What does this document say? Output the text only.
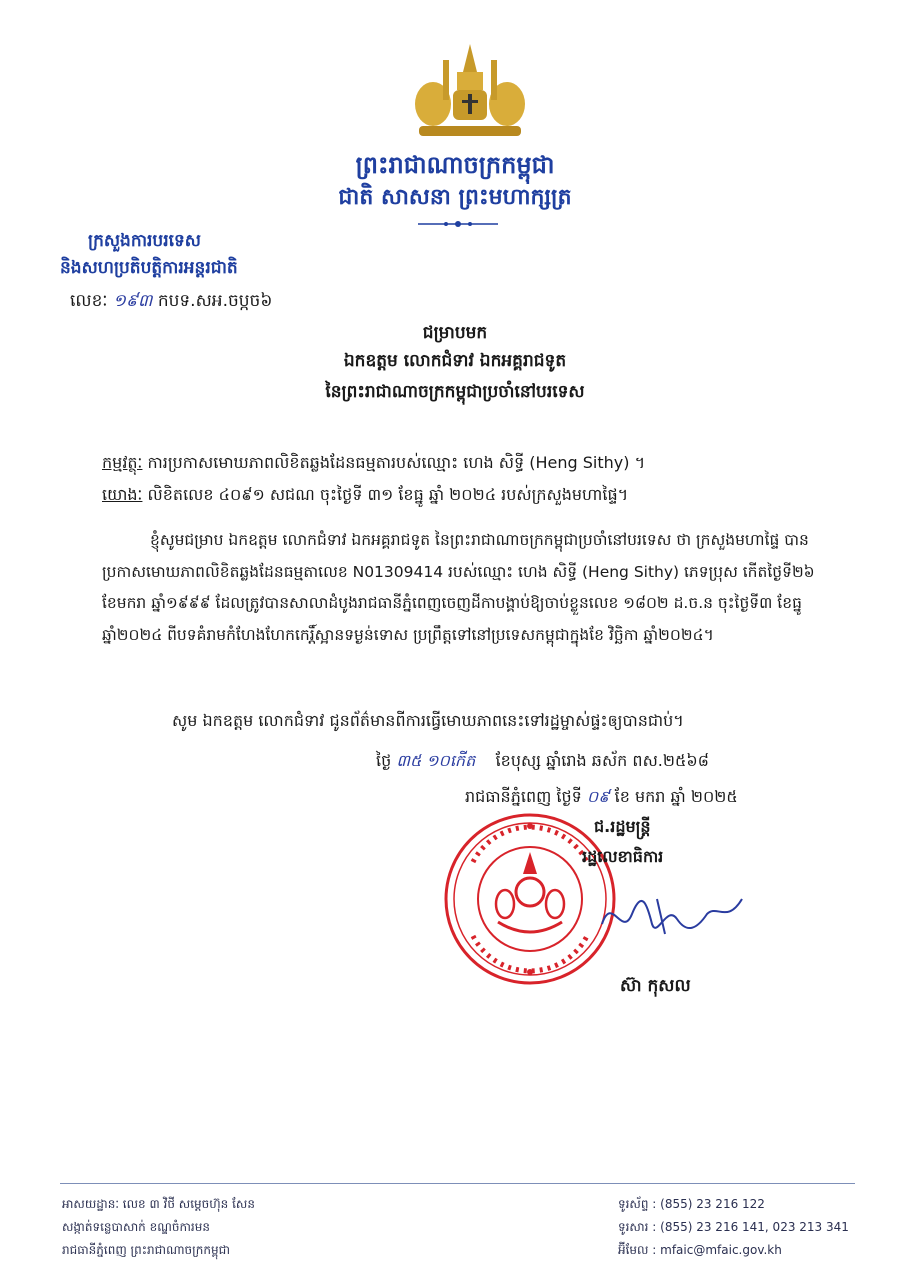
ព្រះរាជាណាចក្រកម្ពុជា
ជាតិ សាសនា ព្រះមហាក្សត្រ
ក្រសួងការបរទេស
និងសហប្រតិបត្តិការអន្តរជាតិ
លេខៈ ១៩៣ កបទ.សអ.ចប្កច៦
ជម្រាបមក
ឯកឧត្តម លោកជំទាវ ឯកអគ្គរាជទូត
នៃព្រះរាជាណាចក្រកម្ពុជាប្រចាំនៅបរទេស
កម្មវត្ថុៈ ការប្រកាសមោឃភាពលិខិតឆ្លងដែនធម្មតារបស់ឈ្មោះ ហេង សិទ្ធី (Heng Sithy) ។
យោងៈ លិខិតលេខ ៤០៩១ សជណ ចុះថ្ងៃទី ៣១ ខែធ្នូ ឆ្នាំ ២០២៤ របស់ក្រសួងមហាផ្ទៃ។

ខ្ញុំសូមជម្រាប ឯកឧត្តម លោកជំទាវ ឯកអគ្គរាជទូត នៃព្រះរាជាណាចក្រកម្ពុជាប្រចាំនៅបរទេស ថា ក្រសួងមហាផ្ទៃ បានប្រកាសមោឃភាពលិខិតឆ្លងដែនធម្មតាលេខ N01309414 របស់ឈ្មោះ ហេង សិទ្ធី (Heng Sithy) ភេទប្រុស កើតថ្ងៃទី២៦ ខែមករា ឆ្នាំ១៩៩៩ ដែលត្រូវបានសាលាដំបូងរាជធានីភ្នំពេញចេញដីកាបង្គាប់ឱ្យចាប់ខ្លួនលេខ ១៨០២ ដ.ច.ន ចុះថ្ងៃទី៣ ខែធ្នូ ឆ្នាំ២០២៤ ពីបទគំរាមកំហែងហែកកេរ្តិ៍ស្អានទម្ងន់ទោស ប្រព្រឹត្តទៅនៅប្រទេសកម្ពុជាក្នុងខែ វិច្ឆិកា ឆ្នាំ២០២៤។

សូម ឯកឧត្តម លោកជំទាវ ជូនព័ត៌មានពីការធ្វើមោឃភាពនេះទៅរដ្ឋម្ចាស់ផ្ទះឲ្យបានជាប់។
ថ្ងៃ ៣៥ ១០កើត ខែបុស្ស ឆ្នាំរោង ឆស័ក ពស.២៥៦៨
រាជធានីភ្នំពេញ ថ្ងៃទី ០៩ ខែ មករា ឆ្នាំ ២០២៥
ជ.រដ្ឋមន្ត្រី
រដ្ឋលេខាធិការ
ស៊ា កុសល
អាសយដ្ឋានៈ លេខ ៣ វិថី សម្តេចហ៊ុន សែន
សង្កាត់ទន្លេបាសាក់ ខណ្ឌចំការមន
រាជធានីភ្នំពេញ ព្រះរាជាណាចក្រកម្ពុជា
ទូរស័ព្ទ : (855) 23 216 122
ទូរសារ : (855) 23 216 141, 023 213 341
អ៊ីមែល : mfaic@mfaic.gov.kh
